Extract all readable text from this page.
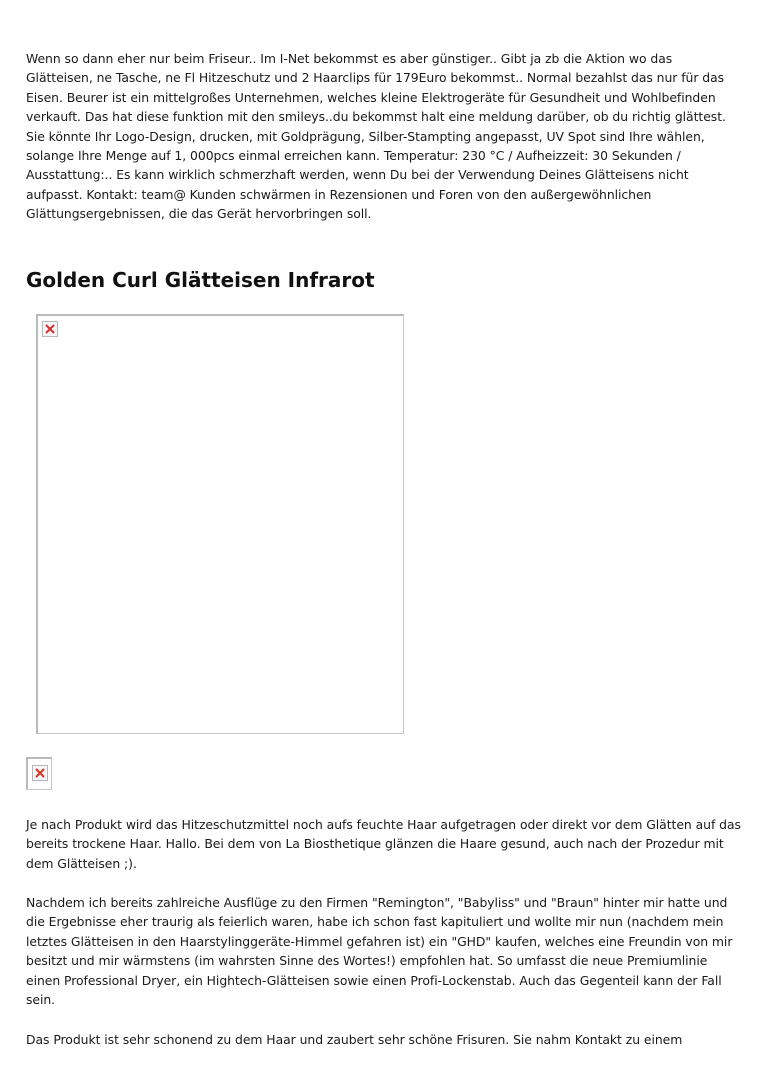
Wenn so dann eher nur beim Friseur.. Im I-Net bekommst es aber günstiger.. Gibt ja zb die Aktion wo das Glätteisen, ne Tasche, ne Fl Hitzeschutz und 2 Haarclips für 179Euro bekommst.. Normal bezahlst das nur für das Eisen. Beurer ist ein mittelgroßes Unternehmen, welches kleine Elektrogeräte für Gesundheit und Wohlbefinden verkauft. Das hat diese funktion mit den smileys..du bekommst halt eine meldung darüber, ob du richtig glättest. Sie könnte Ihr Logo-Design, drucken, mit Goldprägung, Silber-Stampting angepasst, UV Spot sind Ihre wählen, solange Ihre Menge auf 1, 000pcs einmal erreichen kann. Temperatur: 230 °C / Aufheizzeit: 30 Sekunden / Ausstattung:.. Es kann wirklich schmerzhaft werden, wenn Du bei der Verwendung Deines Glätteisens nicht aufpasst. Kontakt: team@ Kunden schwärmen in Rezensionen und Foren von den außergewöhnlichen Glättungsergebnissen, die das Gerät hervorbringen soll.

Golden Curl Glätteisen Infrarot

Je nach Produkt wird das Hitzeschutzmittel noch aufs feuchte Haar aufgetragen oder direkt vor dem Glätten auf das bereits trockene Haar. Hallo. Bei dem von La Biosthetique glänzen die Haare gesund, auch nach der Prozedur mit dem Glätteisen ;).

Nachdem ich bereits zahlreiche Ausflüge zu den Firmen "Remington", "Babyliss" und "Braun" hinter mir hatte und die Ergebnisse eher traurig als feierlich waren, habe ich schon fast kapituliert und wollte mir nun (nachdem mein letztes Glätteisen in den Haarstylinggeräte-Himmel gefahren ist) ein "GHD" kaufen, welches eine Freundin von mir besitzt und mir wärmstens (im wahrsten Sinne des Wortes!) empfohlen hat. So umfasst die neue Premiumlinie einen Professional Dryer, ein Hightech-Glätteisen sowie einen Profi-Lockenstab. Auch das Gegenteil kann der Fall sein.

Das Produkt ist sehr schonend zu dem Haar und zaubert sehr schöne Frisuren. Sie nahm Kontakt zu einem
